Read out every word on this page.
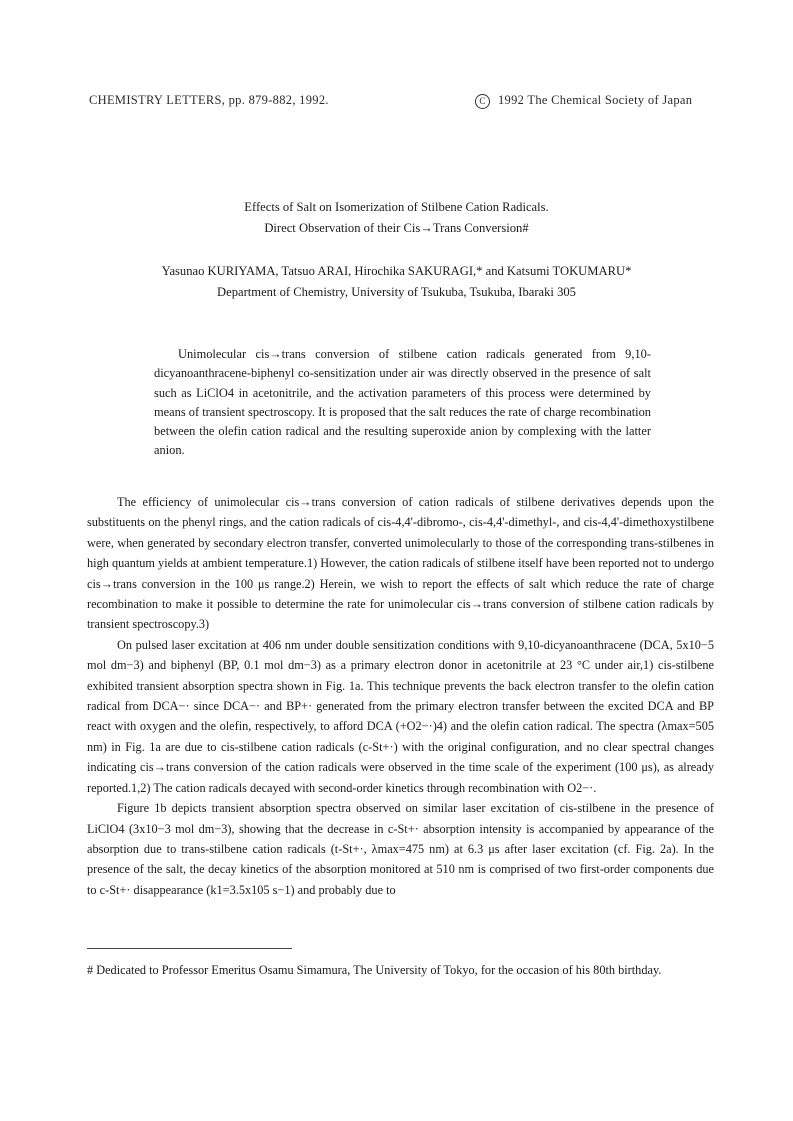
CHEMISTRY LETTERS, pp. 879-882, 1992.	C 1992 The Chemical Society of Japan
Effects of Salt on Isomerization of Stilbene Cation Radicals.
Direct Observation of their Cis→Trans Conversion#
Yasunao KURIYAMA, Tatsuo ARAI, Hirochika SAKURAGI,* and Katsumi TOKUMARU*
Department of Chemistry, University of Tsukuba, Tsukuba, Ibaraki 305
Unimolecular cis→trans conversion of stilbene cation radicals generated from 9,10-dicyanoanthracene-biphenyl co-sensitization under air was directly observed in the presence of salt such as LiClO4 in acetonitrile, and the activation parameters of this process were determined by means of transient spectroscopy. It is proposed that the salt reduces the rate of charge recombination between the olefin cation radical and the resulting superoxide anion by complexing with the latter anion.

The efficiency of unimolecular cis→trans conversion of cation radicals of stilbene derivatives depends upon the substituents on the phenyl rings, and the cation radicals of cis-4,4'-dibromo-, cis-4,4'-dimethyl-, and cis-4,4'-dimethoxystilbene were, when generated by secondary electron transfer, converted unimolecularly to those of the corresponding trans-stilbenes in high quantum yields at ambient temperature.1) However, the cation radicals of stilbene itself have been reported not to undergo cis→trans conversion in the 100 μs range.2) Herein, we wish to report the effects of salt which reduce the rate of charge recombination to make it possible to determine the rate for unimolecular cis→trans conversion of stilbene cation radicals by transient spectroscopy.3)

On pulsed laser excitation at 406 nm under double sensitization conditions with 9,10-dicyanoanthracene (DCA, 5x10−5 mol dm−3) and biphenyl (BP, 0.1 mol dm−3) as a primary electron donor in acetonitrile at 23 °C under air,1) cis-stilbene exhibited transient absorption spectra shown in Fig. 1a. This technique prevents the back electron transfer to the olefin cation radical from DCA−· since DCA−· and BP+· generated from the primary electron transfer between the excited DCA and BP react with oxygen and the olefin, respectively, to afford DCA (+O2−·)4) and the olefin cation radical. The spectra (λmax=505 nm) in Fig. 1a are due to cis-stilbene cation radicals (c-St+·) with the original configuration, and no clear spectral changes indicating cis→trans conversion of the cation radicals were observed in the time scale of the experiment (100 μs), as already reported.1,2) The cation radicals decayed with second-order kinetics through recombination with O2−·.

Figure 1b depicts transient absorption spectra observed on similar laser excitation of cis-stilbene in the presence of LiClO4 (3x10−3 mol dm−3), showing that the decrease in c-St+· absorption intensity is accompanied by appearance of the absorption due to trans-stilbene cation radicals (t-St+·, λmax=475 nm) at 6.3 μs after laser excitation (cf. Fig. 2a). In the presence of the salt, the decay kinetics of the absorption monitored at 510 nm is comprised of two first-order components due to c-St+· disappearance (k1=3.5x105 s−1) and probably due to

# Dedicated to Professor Emeritus Osamu Simamura, The University of Tokyo, for the occasion of his 80th birthday.
